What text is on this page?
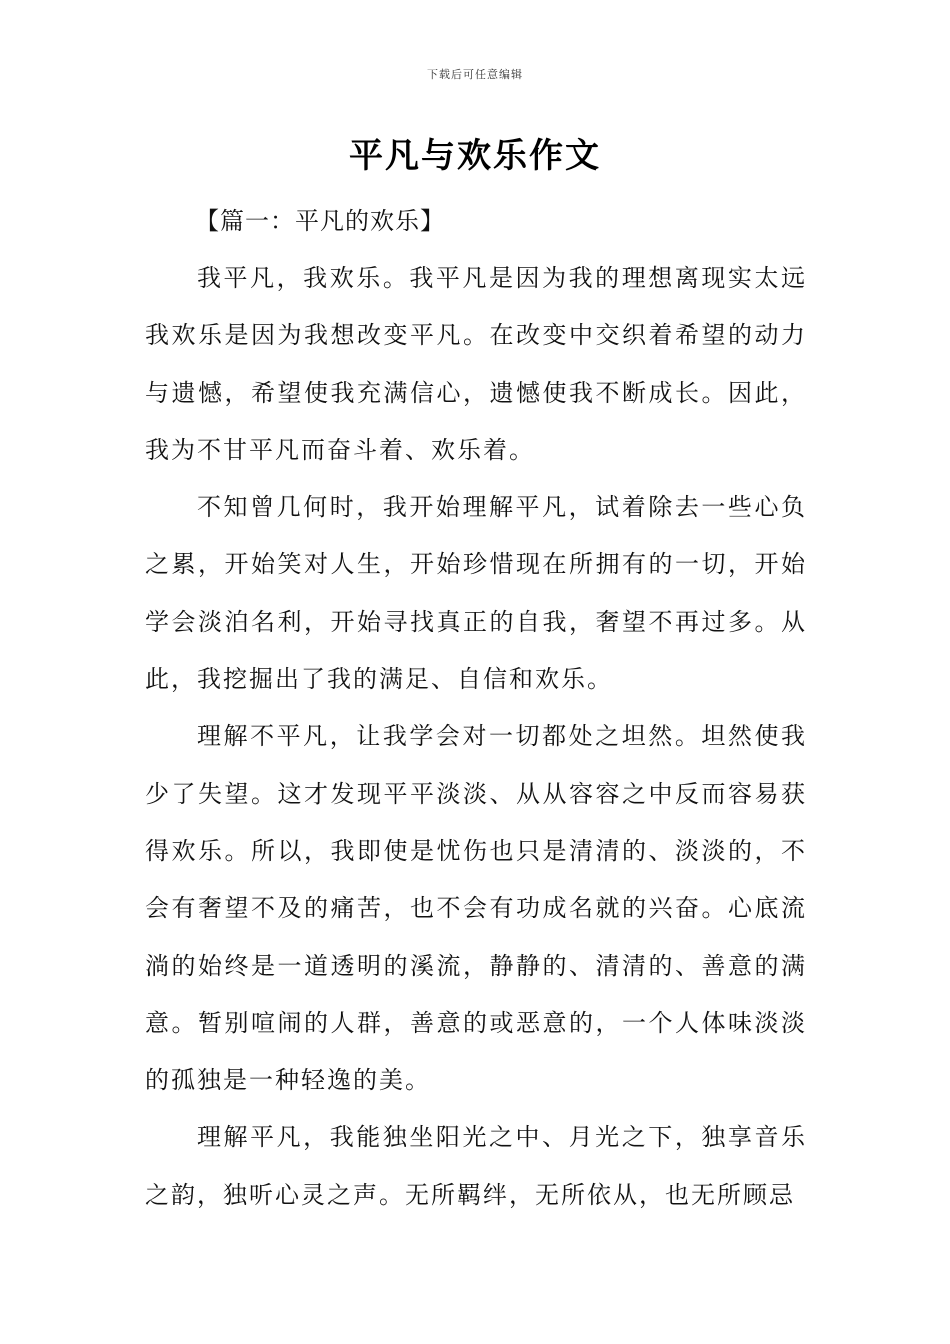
下载后可任意编辑
平凡与欢乐作文

【篇一：平凡的欢乐】

我平凡，我欢乐。我平凡是因为我的理想离现实太远我欢乐是因为我想改变平凡。在改变中交织着希望的动力与遗憾，希望使我充满信心，遗憾使我不断成长。因此，我为不甘平凡而奋斗着、欢乐着。

不知曾几何时，我开始理解平凡，试着除去一些心负之累，开始笑对人生，开始珍惜现在所拥有的一切，开始学会淡泊名利，开始寻找真正的自我，奢望不再过多。从此，我挖掘出了我的满足、自信和欢乐。

理解不平凡，让我学会对一切都处之坦然。坦然使我少了失望。这才发现平平淡淡、从从容容之中反而容易获得欢乐。所以，我即使是忧伤也只是清清的、淡淡的，不会有奢望不及的痛苦，也不会有功成名就的兴奋。心底流淌的始终是一道透明的溪流，静静的、清清的、善意的满意。暂别喧闹的人群，善意的或恶意的，一个人体味淡淡的孤独是一种轻逸的美。

理解平凡，我能独坐阳光之中、月光之下，独享音乐之韵，独听心灵之声。无所羁绊，无所依从，也无所顾忌
